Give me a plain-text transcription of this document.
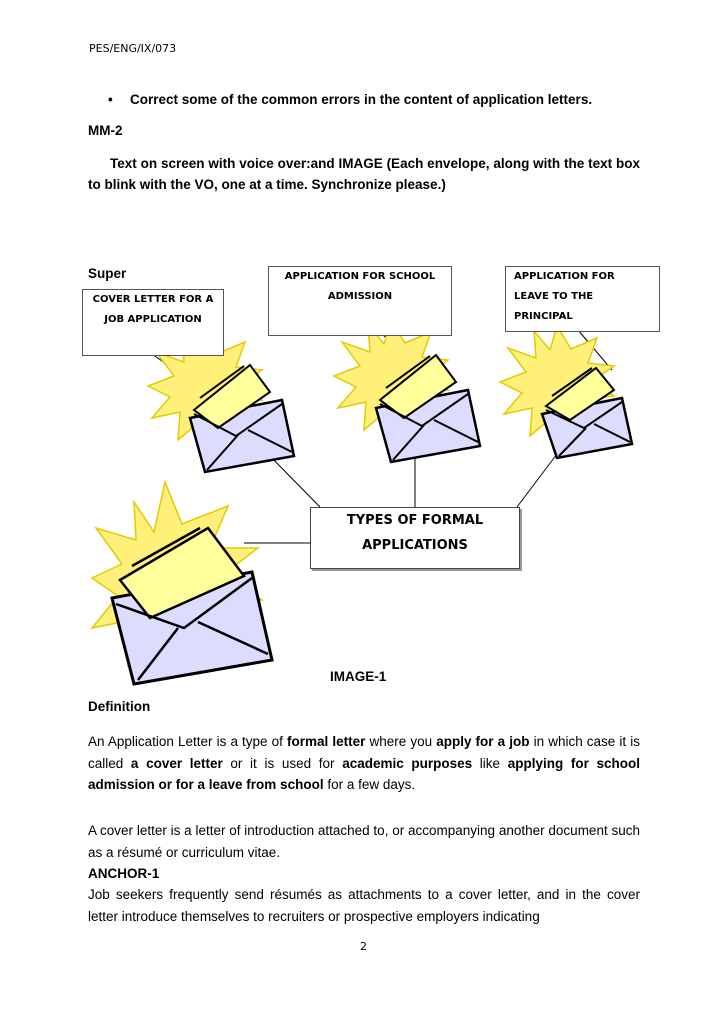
PES/ENG/IX/073
• Correct some of the common errors in the content of application letters.
MM-2
Text on screen with voice over:and IMAGE (Each envelope, along with the text box to blink with the VO, one at a time. Synchronize please.)
Super
COVER LETTER FOR A
JOB APPLICATION
APPLICATION FOR SCHOOL
ADMISSION
APPLICATION FOR
LEAVE TO THE
PRINCIPAL
TYPES OF FORMAL
APPLICATIONS
IMAGE-1
Definition
An Application Letter is a type of formal letter where you apply for a job in which case it is called a cover letter or it is used for academic purposes like applying for school admission or for a leave from school for a few days.
A cover letter is a letter of introduction attached to, or accompanying another document such as a résumé or curriculum vitae.
ANCHOR-1
Job seekers frequently send résumés as attachments to a cover letter, and in the cover letter introduce themselves to recruiters or prospective employers indicating
2
